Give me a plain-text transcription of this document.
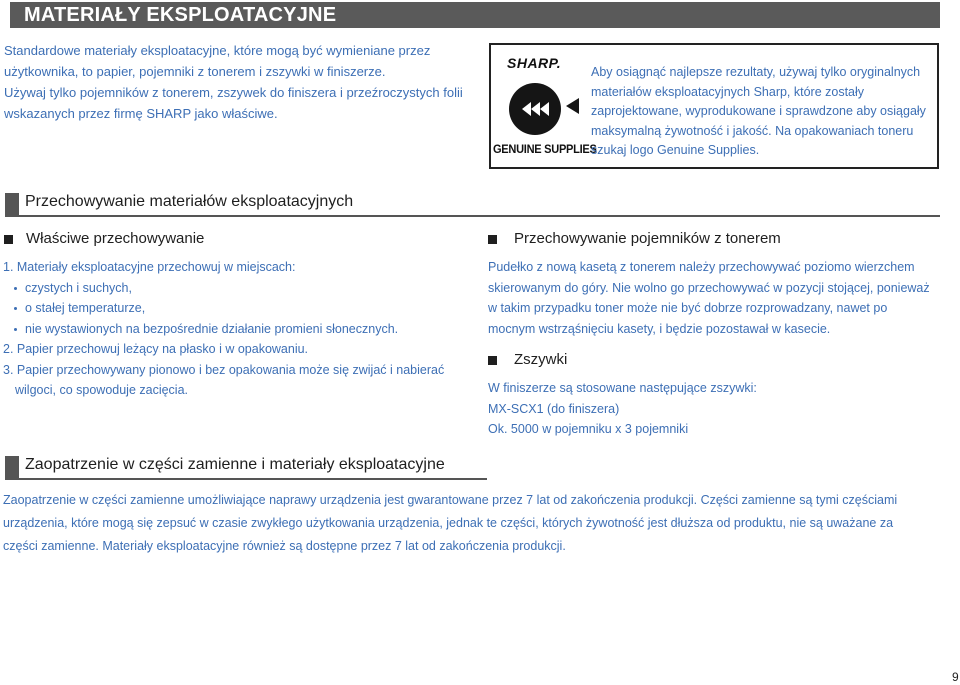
MATERIAŁY EKSPLOATACYJNE
Standardowe materiały eksploatacyjne, które mogą być wymieniane przez
użytkownika, to papier, pojemniki z tonerem i zszywki w finiszerze.
Używaj tylko pojemników z tonerem, zszywek do finiszera i przeźroczystych folii
wskazanych przez firmę SHARP jako właściwe.
SHARP.
GENUINE SUPPLIES
Aby osiągnąć najlepsze rezultaty, używaj tylko oryginalnych
materiałów eksploatacyjnych Sharp, które zostały
zaprojektowane, wyprodukowane i sprawdzone aby osiągały
maksymalną żywotność i jakość. Na opakowaniach toneru
szukaj logo Genuine Supplies.
Przechowywanie materiałów eksploatacyjnych
Właściwe przechowywanie
1. Materiały eksploatacyjne przechowuj w miejscach:
czystych i suchych,
o stałej temperaturze,
nie wystawionych na bezpośrednie działanie promieni słonecznych.
2. Papier przechowuj leżący na płasko i w opakowaniu.
3. Papier przechowywany pionowo i bez opakowania może się zwijać i nabierać
wilgoci, co spowoduje zacięcia.
Przechowywanie pojemników z tonerem
Pudełko z nową kasetą z tonerem należy przechowywać poziomo wierzchem
skierowanym do góry. Nie wolno go przechowywać w pozycji stojącej, ponieważ
w takim przypadku toner może nie być dobrze rozprowadzany, nawet po
mocnym wstrząśnięciu kasety, i będzie pozostawał w kasecie.
Zszywki
W finiszerze są stosowane następujące zszywki:
MX-SCX1 (do finiszera)
Ok. 5000 w pojemniku x 3 pojemniki
Zaopatrzenie w części zamienne i materiały eksploatacyjne
Zaopatrzenie w części zamienne umożliwiające naprawy urządzenia jest gwarantowane przez 7 lat od zakończenia produkcji. Części zamienne są tymi częściami
urządzenia, które mogą się zepsuć w czasie zwykłego użytkowania urządzenia, jednak te części, których żywotność jest dłuższa od produktu, nie są uważane za
części zamienne. Materiały eksploatacyjne również są dostępne przez 7 lat od zakończenia produkcji.
9
